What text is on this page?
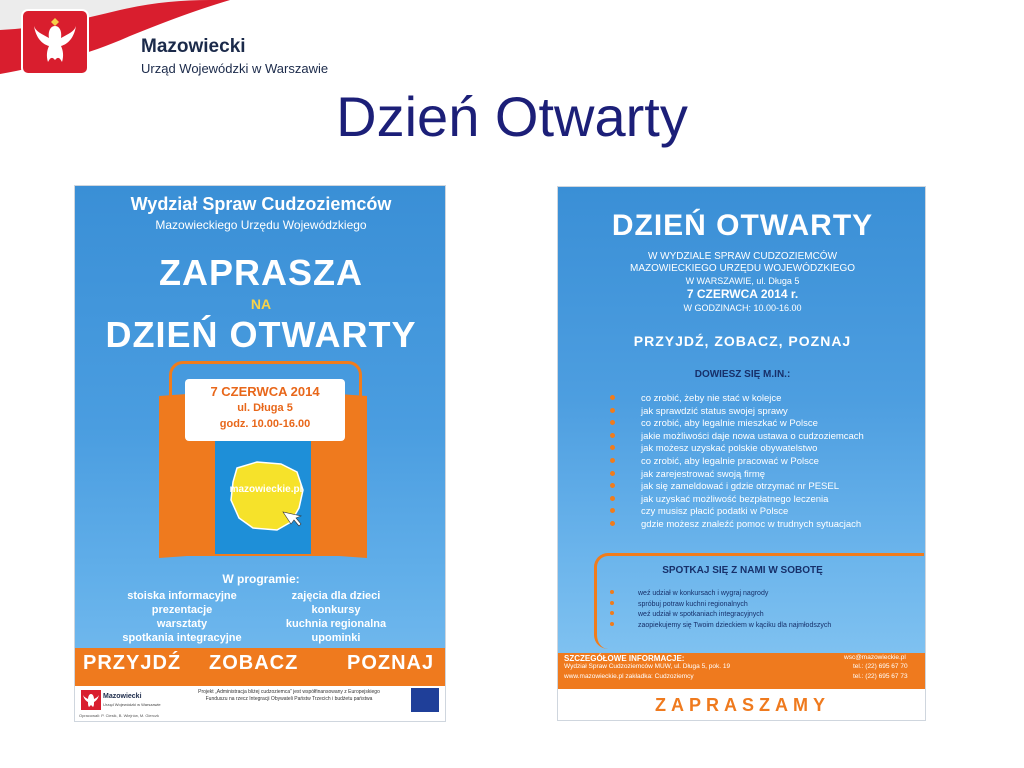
Mazowiecki
Urząd Wojewódzki w Warszawie
Dzień Otwarty
Wydział Spraw Cudzoziemców
Mazowieckiego Urzędu Wojewódzkiego
ZAPRASZA
NA
DZIEŃ OTWARTY
7 CZERWCA 2014
ul. Długa 5
godz. 10.00-16.00
mazowieckie.pl
W programie:
stoiska informacyjne
prezentacje
warsztaty
spotkania integracyjne
zajęcia dla dzieci
konkursy
kuchnia regionalna
upominki
PRZYJDŹ ZOBACZ POZNAJ
Mazowiecki
Urząd Wojewódzki w Warszawie
Opracowali: P. Ciesik, B. Wiejrów, M. Gierczk
Projekt „Administracja bliżej cudzoziemca” jest współfinansowany z Europejskiego Funduszu na rzecz Integracji Obywateli Państw Trzecich i budżetu państwa
DZIEŃ OTWARTY
W WYDZIALE SPRAW CUDZOZIEMCÓW
MAZOWIECKIEGO URZĘDU WOJEWÓDZKIEGO
W WARSZAWIE, ul. Długa 5
7 CZERWCA 2014 r.
W GODZINACH: 10.00-16.00
PRZYJDŹ, ZOBACZ, POZNAJ
DOWIESZ SIĘ M.IN.:
co zrobić, żeby nie stać w kolejce
jak sprawdzić status swojej sprawy
co zrobić, aby legalnie mieszkać w Polsce
jakie możliwości daje nowa ustawa o cudzoziemcach
jak możesz uzyskać polskie obywatelstwo
co zrobić, aby legalnie pracować w Polsce
jak zarejestrować swoją firmę
jak się zameldować i gdzie otrzymać nr PESEL
jak uzyskać możliwość bezpłatnego leczenia
czy musisz płacić podatki w Polsce
gdzie możesz znaleźć pomoc w trudnych sytuacjach
SPOTKAJ SIĘ Z NAMI W SOBOTĘ
weź udział w konkursach i wygraj nagrody
spróbuj potraw kuchni regionalnych
weź udział w spotkaniach integracyjnych
zaopiekujemy się Twoim dzieckiem w kąciku dla najmłodszych
SZCZEGÓŁOWE INFORMACJE:
Wydział Spraw Cudzoziemców MUW, ul. Długa 5, pok. 19
www.mazowieckie.pl zakładka: Cudzoziemcy
wsc@mazowieckie.pl
tel.: (22) 695 67 70
tel.: (22) 695 67 73
ZAPRASZAMY
